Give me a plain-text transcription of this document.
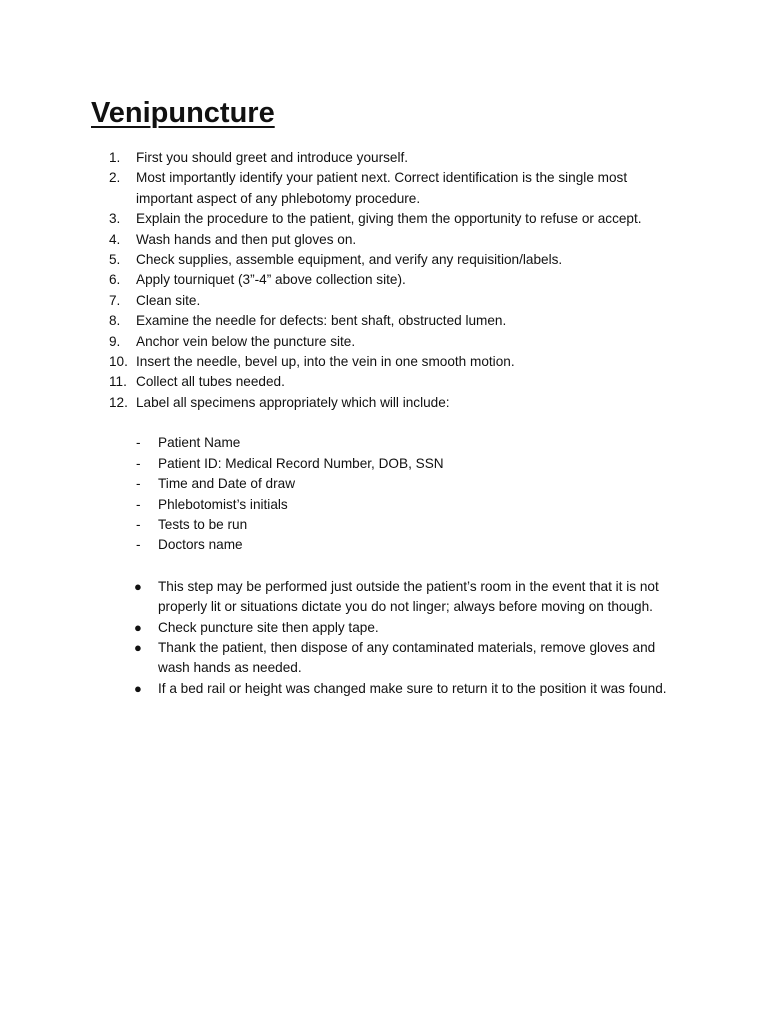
Venipuncture
1. First you should greet and introduce yourself.
2. Most importantly identify your patient next. Correct identification is the single most important aspect of any phlebotomy procedure.
3. Explain the procedure to the patient, giving them the opportunity to refuse or accept.
4. Wash hands and then put gloves on.
5. Check supplies, assemble equipment, and verify any requisition/labels.
6. Apply tourniquet (3”-4” above collection site).
7. Clean site.
8. Examine the needle for defects: bent shaft, obstructed lumen.
9. Anchor vein below the puncture site.
10. Insert the needle, bevel up, into the vein in one smooth motion.
11. Collect all tubes needed.
12. Label all specimens appropriately which will include:
- Patient Name
- Patient ID: Medical Record Number, DOB, SSN
- Time and Date of draw
- Phlebotomist’s initials
- Tests to be run
- Doctors name
● This step may be performed just outside the patient’s room in the event that it is not properly lit or situations dictate you do not linger; always before moving on though.
● Check puncture site then apply tape.
● Thank the patient, then dispose of any contaminated materials, remove gloves and wash hands as needed.
● If a bed rail or height was changed make sure to return it to the position it was found.
